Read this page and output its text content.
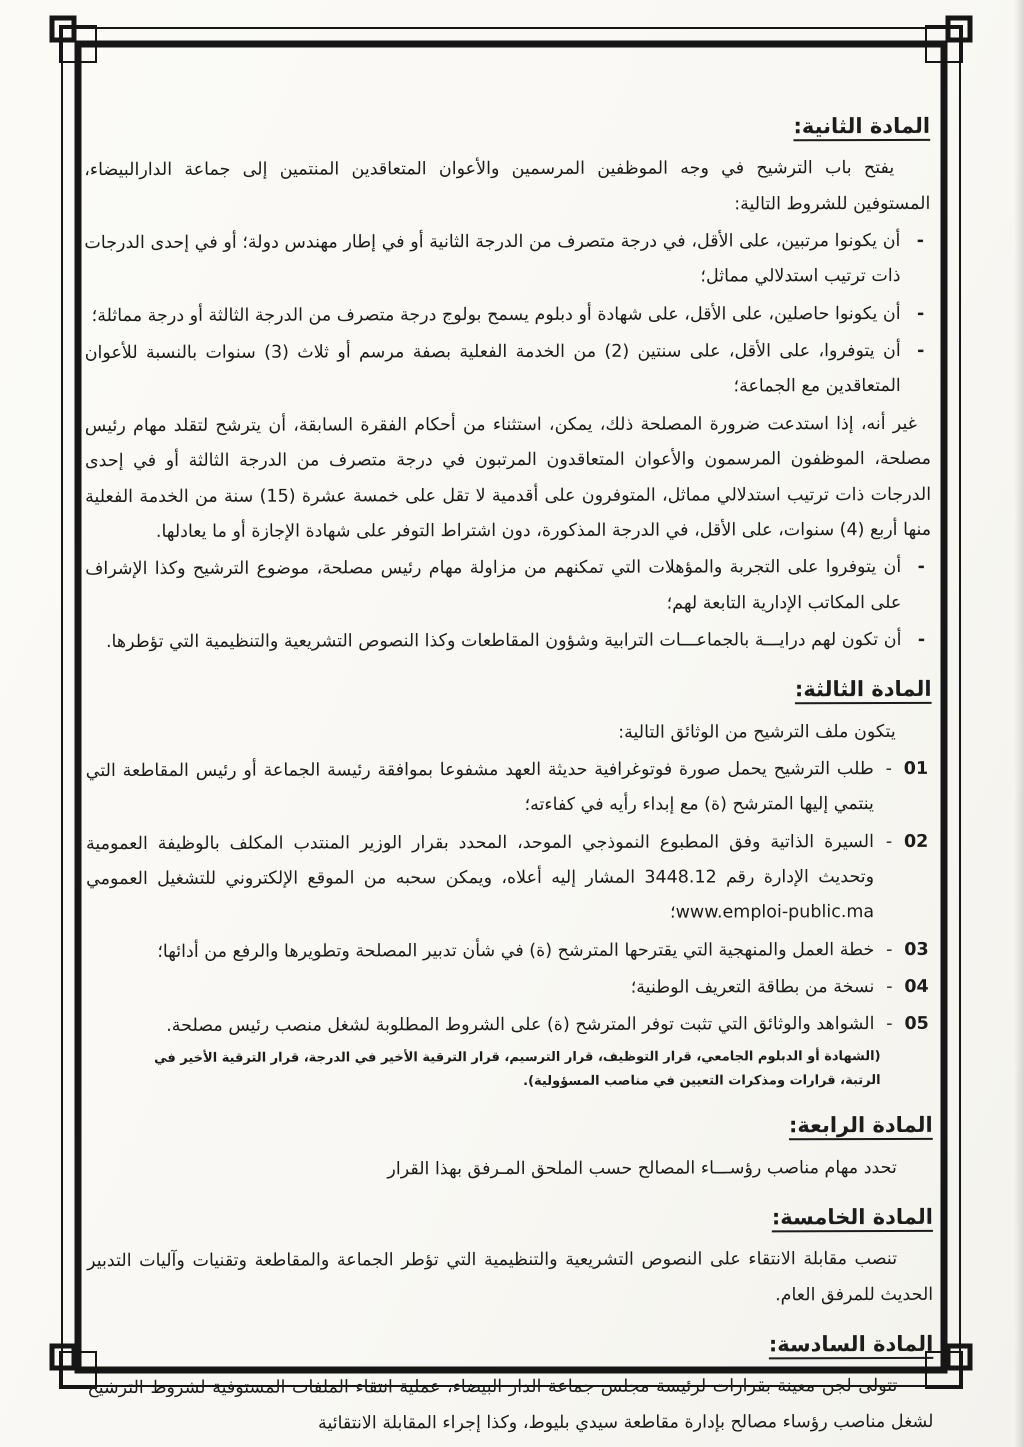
المادة الثانية:

يفتح باب الترشيح في وجه الموظفين المرسمين والأعوان المتعاقدين المنتمين إلى جماعة الدارالبيضاء، المستوفين للشروط التالية:

-

أن يكونوا مرتبين، على الأقل، في درجة متصرف من الدرجة الثانية أو في إطار مهندس دولة؛ أو في إحدى الدرجات ذات ترتيب استدلالي مماثل؛

-

أن يكونوا حاصلين، على الأقل، على شهادة أو دبلوم يسمح بولوج درجة متصرف من الدرجة الثالثة أو درجة مماثلة؛

-

أن يتوفروا، على الأقل، على سنتين (2) من الخدمة الفعلية بصفة مرسم أو ثلاث (3) سنوات بالنسبة للأعوان المتعاقدين مع الجماعة؛

غير أنه، إذا استدعت ضرورة المصلحة ذلك، يمكن، استثناء من أحكام الفقرة السابقة، أن يترشح لتقلد مهام رئيس مصلحة، الموظفون المرسمون والأعوان المتعاقدون المرتبون في درجة متصرف من الدرجة الثالثة أو في إحدى الدرجات ذات ترتيب استدلالي مماثل، المتوفرون على أقدمية لا تقل على خمسة عشرة (15) سنة من الخدمة الفعلية منها أربع (4) سنوات، على الأقل، في الدرجة المذكورة، دون اشتراط التوفر على شهادة الإجازة أو ما يعادلها.

-

أن يتوفروا على التجربة والمؤهلات التي تمكنهم من مزاولة مهام رئيس مصلحة، موضوع الترشيح وكذا الإشراف على المكاتب الإدارية التابعة لهم؛

-

أن تكون لهم درايـــة بالجماعـــات الترابية وشؤون المقاطعات وكذا النصوص التشريعية والتنظيمية التي تؤطرها.

المادة الثالثة:

يتكون ملف الترشيح من الوثائق التالية:

01
-

طلب الترشيح يحمل صورة فوتوغرافية حديثة العهد مشفوعا بموافقة رئيسة الجماعة أو رئيس المقاطعة التي ينتمي إليها المترشح (ة) مع إبداء رأيه في كفاءته؛

02
-

السيرة الذاتية وفق المطبوع النموذجي الموحد، المحدد بقرار الوزير المنتدب المكلف بالوظيفة العمومية وتحديث الإدارة رقم 3448.12 المشار إليه أعلاه، ويمكن سحبه من الموقع الإلكتروني للتشغيل العمومي www.emploi-public.ma؛

03
-

خطة العمل والمنهجية التي يقترحها المترشح (ة) في شأن تدبير المصلحة وتطويرها والرفع من أدائها؛

04
-

نسخة من بطاقة التعريف الوطنية؛

05
-

الشواهد والوثائق التي تثبت توفر المترشح (ة) على الشروط المطلوبة لشغل منصب رئيس مصلحة.

(الشهادة أو الدبلوم الجامعي، قرار التوظيف، قرار الترسيم، قرار الترقية الأخير في الدرجة، قرار الترقية الأخير في الرتبة، قرارات ومذكرات التعيين في مناصب المسؤولية).

المادة الرابعة:

تحدد مهام مناصب رؤســـاء المصالح حسب الملحق المـرفق بهذا القرار

المادة الخامسة:

تنصب مقابلة الانتقاء على النصوص التشريعية والتنظيمية التي تؤطر الجماعة والمقاطعة وتقنيات وآليات التدبير الحديث للمرفق العام.

المادة السادسة:

تتولى لجن معينة بقرارات لرئيسة مجلس جماعة الدار البيضاء، عملية انتقاء الملفات المستوفية لشروط الترشيح لشغل مناصب رؤساء مصالح بإدارة مقاطعة سيدي بليوط، وكذا إجراء المقابلة الانتقائية
